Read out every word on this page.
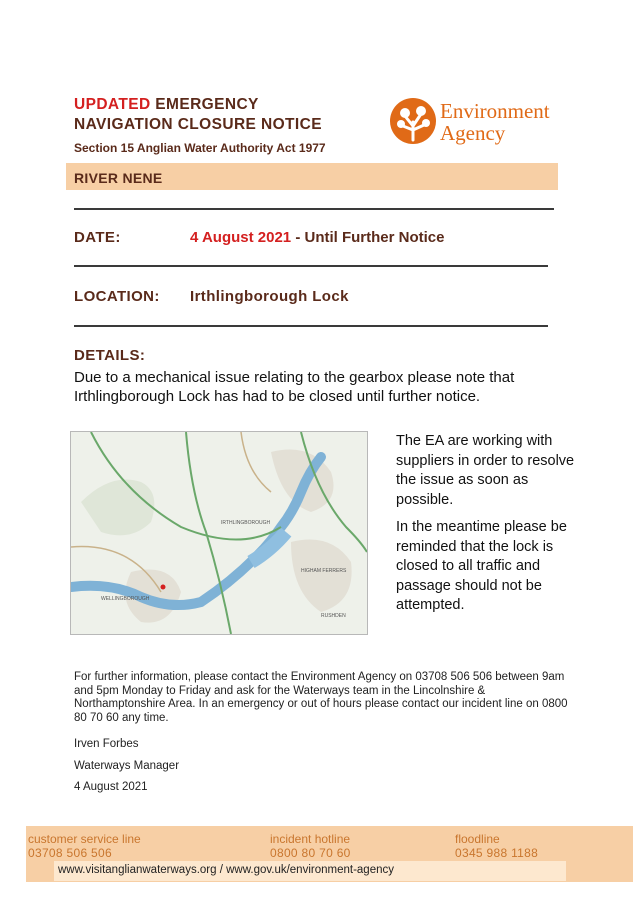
UPDATED EMERGENCY
NAVIGATION CLOSURE NOTICE
Section 15 Anglian Water Authority Act 1977
Environment
Agency
RIVER NENE
DATE:	4 August 2021 - Until Further Notice
LOCATION: Irthlingborough Lock
DETAILS:
Due to a mechanical issue relating to the gearbox please note that Irthlingborough Lock has had to be closed until further notice.
IRTHLINGBOROUGH
WELLINGBOROUGH
HIGHAM FERRERS
RUSHDEN

The EA are working with suppliers in order to resolve the issue as soon as possible.

In the meantime please be reminded that the lock is closed to all traffic and passage should not be attempted.

For further information, please contact the Environment Agency on 03708 506 506 between 9am and 5pm Monday to Friday and ask for the Waterways team in the Lincolnshire & Northamptonshire Area. In an emergency or out of hours please contact our incident line on 0800 80 70 60 any time.
Irven Forbes
Waterways Manager
4 August 2021
customer service line
03708 506 506
incident hotline
0800 80 70 60
floodline
0345 988 1188
www.visitanglianwaterways.org / www.gov.uk/environment-agency
